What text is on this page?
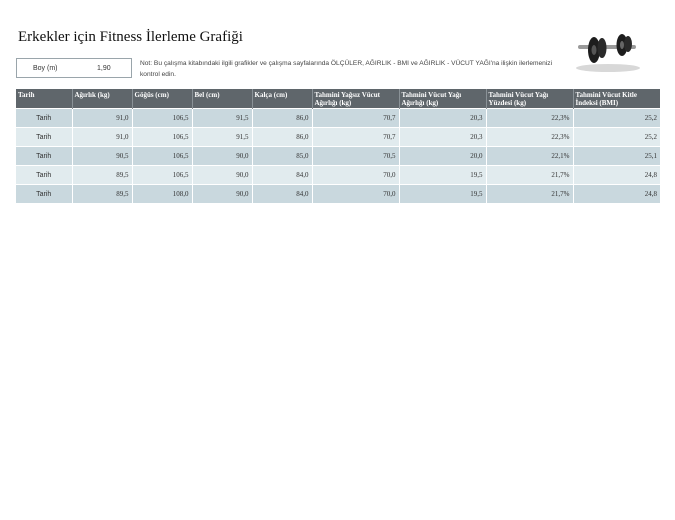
Erkekler için Fitness İlerleme Grafiği
Boy (m)	1,90
Not: Bu çalışma kitabındaki ilgili grafikler ve çalışma sayfalarında ÖLÇÜLER, AĞIRLIK - BMI ve AĞIRLIK - VÜCUT YAĞI'na ilişkin ilerlemenizi kontrol edin.
Tarih	Ağırlık (kg)	Göğüs (cm)	Bel (cm)	Kalça (cm)	Tahmini Yağsız Vücut Ağırlığı (kg)	Tahmini Vücut Yağı Ağırlığı (kg)	Tahmini Vücut Yağı Yüzdesi (kg)	Tahmini Vücut Kitle İndeksi (BMI)
Tarih	91,0	106,5	91,5	86,0	70,7	20,3	22,3%	25,2
Tarih	91,0	106,5	91,5	86,0	70,7	20,3	22,3%	25,2
Tarih	90,5	106,5	90,0	85,0	70,5	20,0	22,1%	25,1
Tarih	89,5	106,5	90,0	84,0	70,0	19,5	21,7%	24,8
Tarih	89,5	108,0	90,0	84,0	70,0	19,5	21,7%	24,8
